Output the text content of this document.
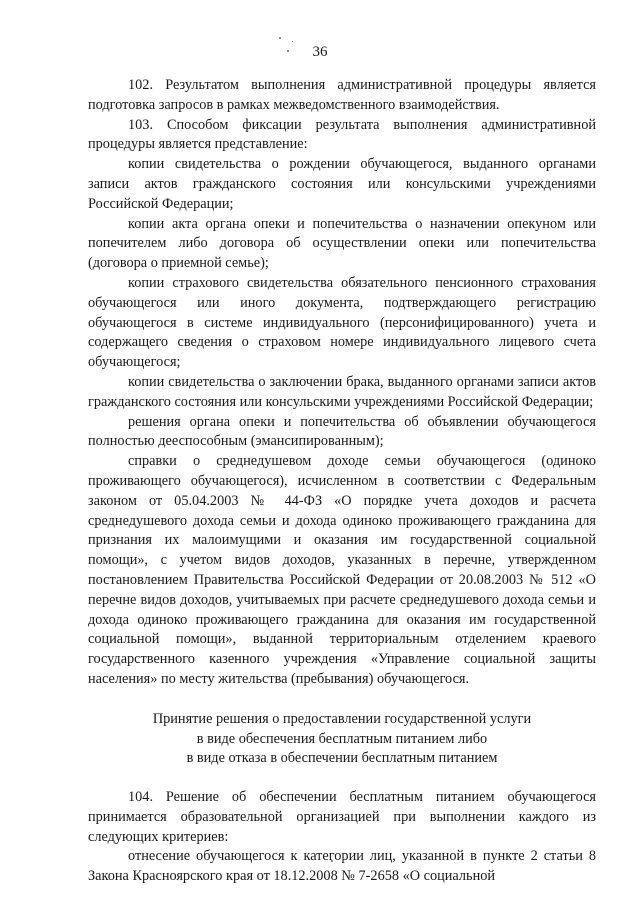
36

102. Результатом выполнения административной процедуры является подготовка запросов в рамках межведомственного взаимодействия.

103. Способом фиксации результата выполнения административной процедуры является представление:

копии свидетельства о рождении обучающегося, выданного органами записи актов гражданского состояния или консульскими учреждениями Российской Федерации;

копии акта органа опеки и попечительства о назначении опекуном или попечителем либо договора об осуществлении опеки или попечительства (договора о приемной семье);

копии страхового свидетельства обязательного пенсионного страхования обучающегося или иного документа, подтверждающего регистрацию обучающегося в системе индивидуального (персонифицированного) учета и содержащего сведения о страховом номере индивидуального лицевого счета обучающегося;

копии свидетельства о заключении брака, выданного органами записи актов гражданского состояния или консульскими учреждениями Российской Федерации;

решения органа опеки и попечительства об объявлении обучающегося полностью дееспособным (эмансипированным);

справки о среднедушевом доходе семьи обучающегося (одиноко проживающего обучающегося), исчисленном в соответствии с Федеральным законом от 05.04.2003 № 44-ФЗ «О порядке учета доходов и расчета среднедушевого дохода семьи и дохода одиноко проживающего гражданина для признания их малоимущими и оказания им государственной социальной помощи», с учетом видов доходов, указанных в перечне, утвержденном постановлением Правительства Российской Федерации от 20.08.2003 № 512 «О перечне видов доходов, учитываемых при расчете среднедушевого дохода семьи и дохода одиноко проживающего гражданина для оказания им государственной социальной помощи», выданной территориальным отделением краевого государственного казенного учреждения «Управление социальной защиты населения» по месту жительства (пребывания) обучающегося.

Принятие решения о предоставлении государственной услуги
в виде обеспечения бесплатным питанием либо
в виде отказа в обеспечении бесплатным питанием

104. Решение об обеспечении бесплатным питанием обучающегося принимается образовательной организацией при выполнении каждого из следующих критериев:

отнесение обучающегося к категории лиц, указанной в пункте 2 статьи 8 Закона Красноярского края от 18.12.2008 № 7-2658 «О социальной
